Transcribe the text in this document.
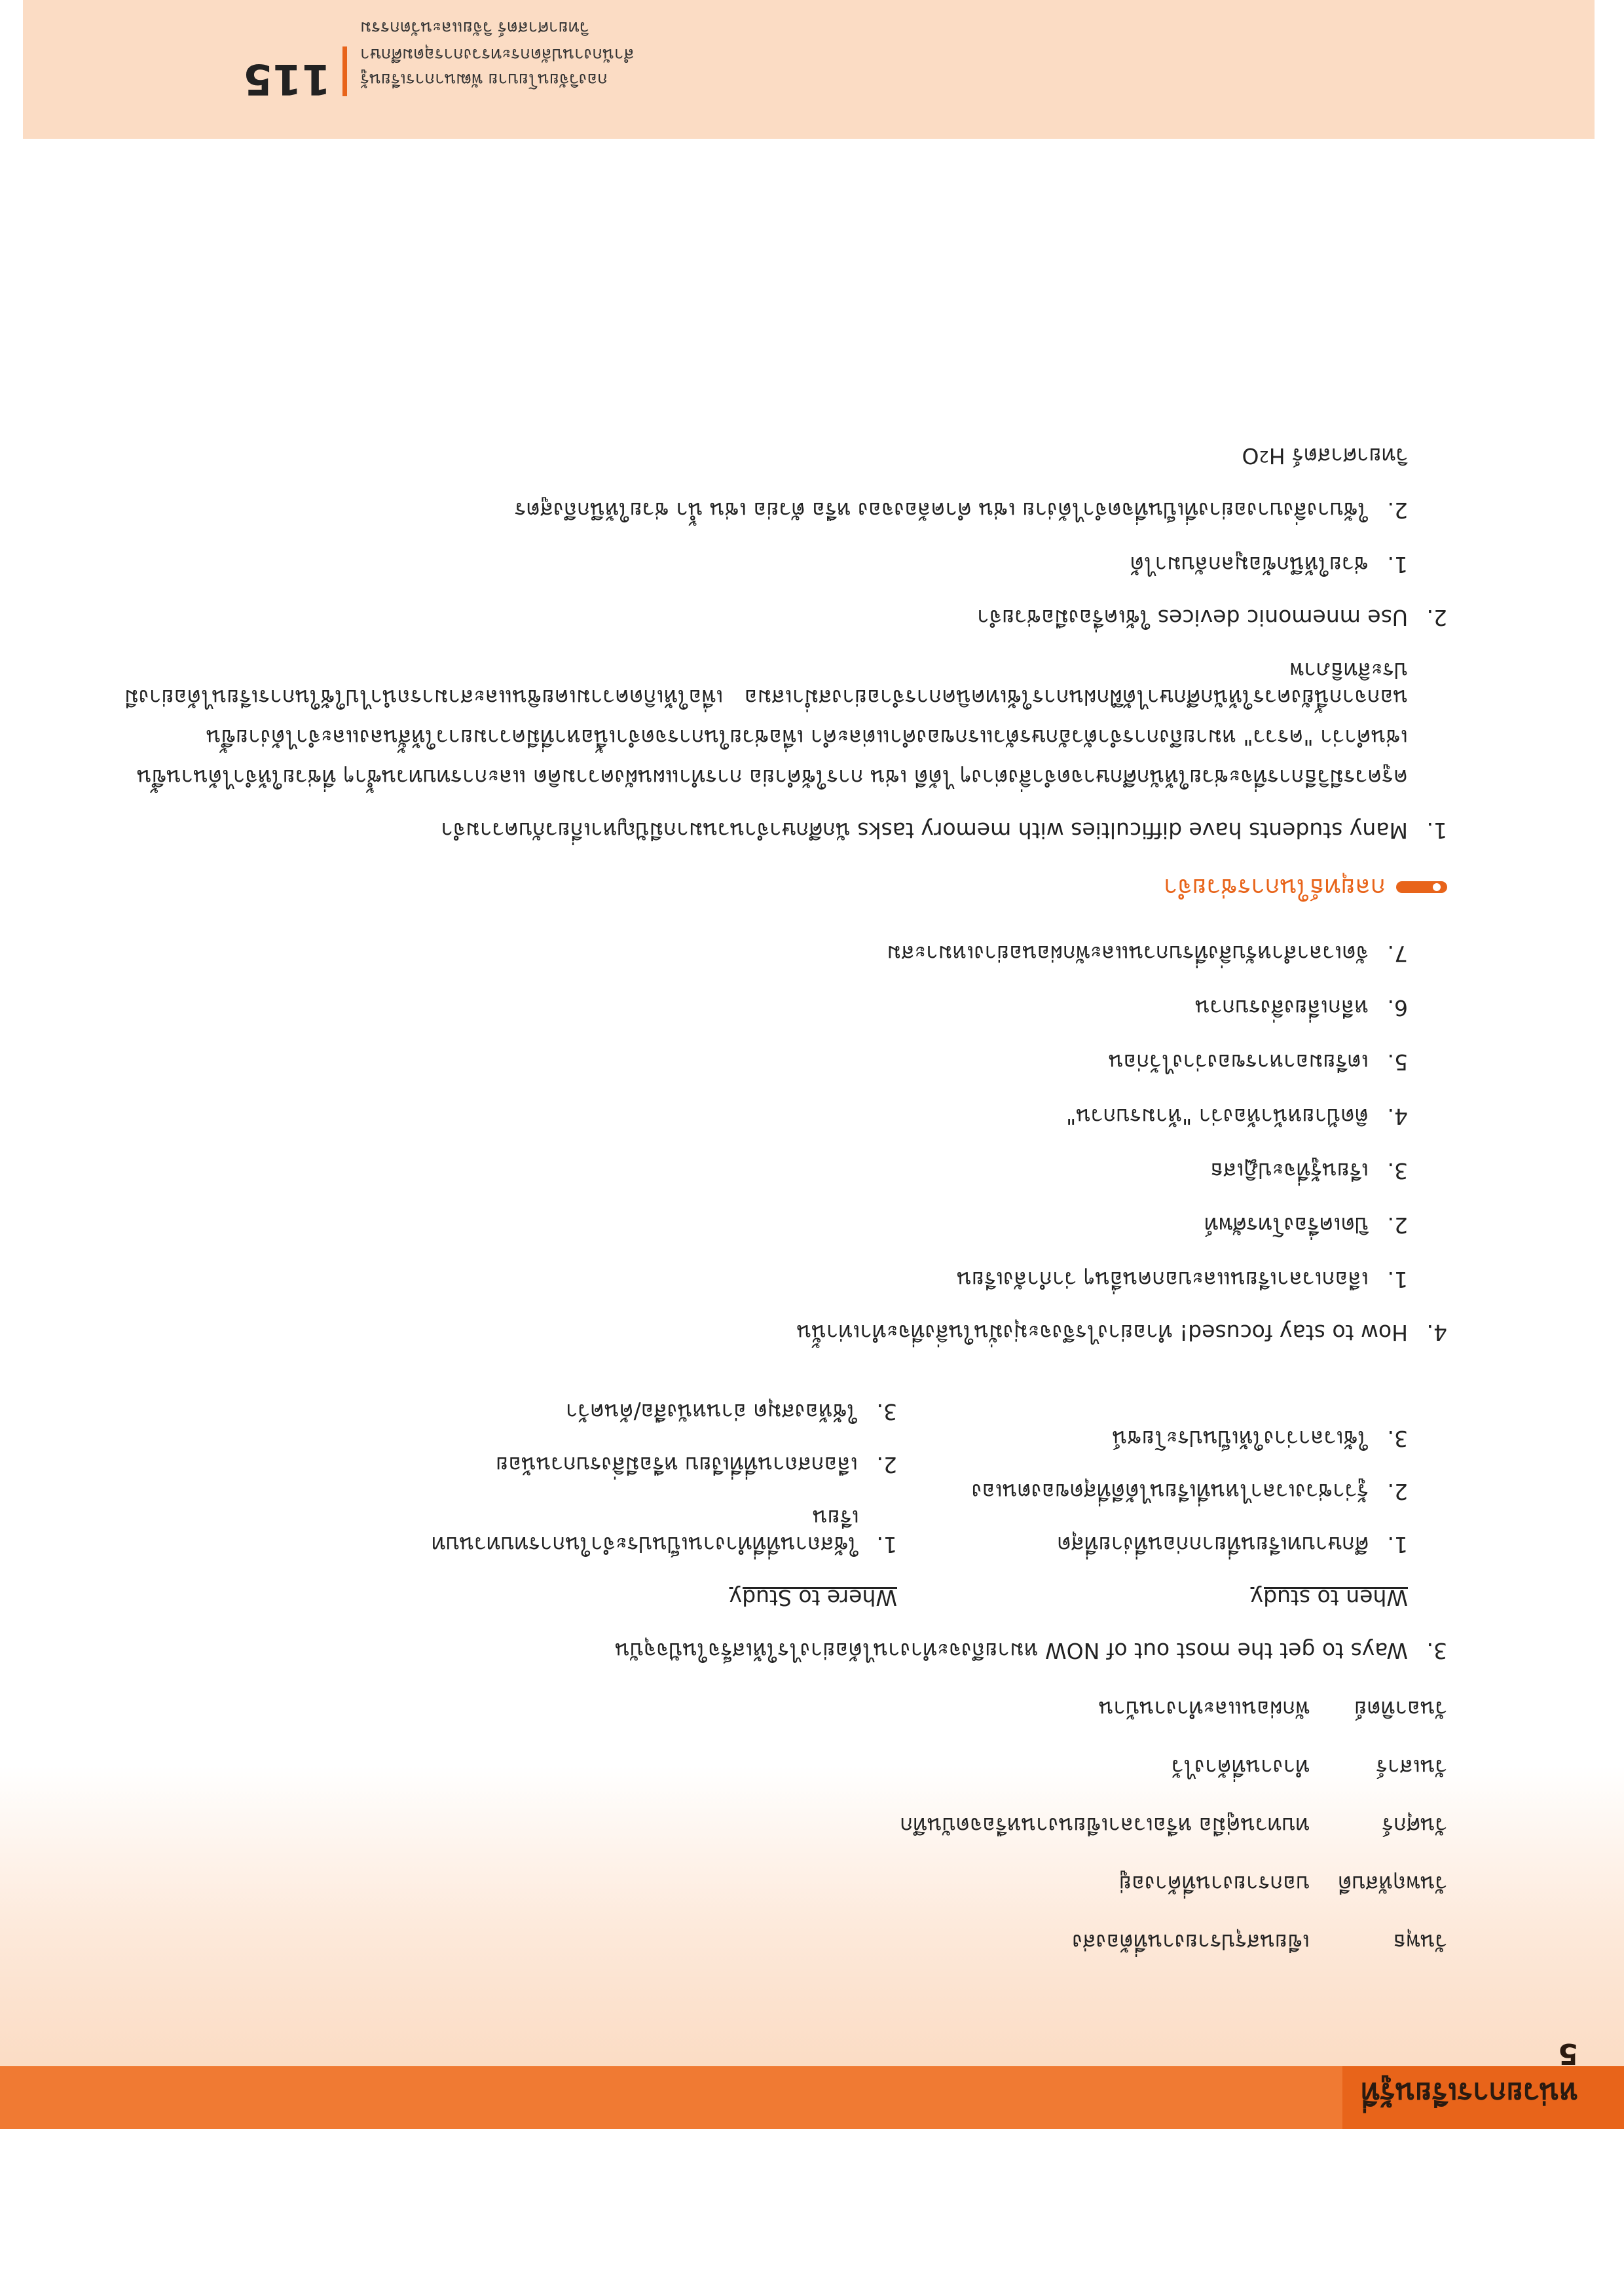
หน่วยการเรียนรู้ที่ 5
วันพุธ
เขียนสรุปรายงานที่ต้องส่ง
วันพฤหัสบดี
บอกรายงานที่ค้างอยู่
วันศุกร์
ทบทวนคู่มือ หรือเวลาเขียนงานหรือจดบันทึก
วันเสาร์
ทำงานที่ค้างไว้
วันอาทิตย์
พักผ่อนและทำงานบ้าน
3.
Ways to get the most out of NOW หมายถึงจะทำงานได้อย่างไรให้เสร็จในปัจจุบัน
When to study
1.
ศึกษาบทเรียนที่ยากก่อนที่ง่ายที่สุด
2.
รู้ว่าช่วงเวลาไหนที่เรียนได้ดีที่สุดของตนเอง
3.
ใช้เวลาว่างให้เป็นประโยชน์
Where to Study
1.
ใช้สถานที่ที่ทำงานเป็นประจำในการทบทวนบทเรียน
2.
เลือกสถานที่ที่เงียบ หรือมีสิ่งรบกวนน้อย
3.
ใช้ห้องสมุด อ่านหนังสือ/ค้นคว้า
4.
How to stay focused! ทำอย่างไรจึงจะมุ่งมั่นในสิ่งที่จะทำเท่านั้น
1.
เลือกเวลาเรียนและบอกคนอื่นๆ ว่ากำลังเรียน
2.
ปิดเครื่องโทรศัพท์
3.
เรียนรู้ที่จะปฏิเสธ
4.
ติดป้ายหน้าห้องว่า "ห้ามรบกวน"
5.
เตรียมอาหารของว่างไว้ก่อน
6.
หลีกเลี่ยงสิ่งรบกวน
7.
จัดเวลาสำหรับสิ่งที่รบกวนและพักผ่อนอย่างเหมาะสม
กลยุทธ์ในการช่วยจำ
1.
Many students have difficulties with memory tasks นักศึกษาจำนวนมากมีปัญหาเกี่ยวกับความจำ

ครูควรมีวิธีการที่จะช่วยให้นักศึกษาจดจำสิ่งต่างๆ ได้ดี เช่น การใช้คำย่อ การทำแผนผังความคิด และการทบทวนซ้ำๆ ที่ช่วยให้จำได้นานขึ้น

เช่นคำว่า "ครวว" หมายถึงการจำตัวอักษรตัวแรกของคำแต่ละคำ เพื่อช่วยในการจดจำเนื้อหาที่มีความยาวให้สั้นลงและจำได้ง่ายขึ้น

นอกจากนี้ยังควรให้นักศึกษาได้ฝึกฝนการใช้เทคนิคการจำอย่างสม่ำเสมอ เพื่อให้เกิดความเคยชินและสามารถนำไปใช้ในการเรียนได้อย่างมีประสิทธิภาพ

2.
Use mnemonic devices ใช้เครื่องมือช่วยจำ
1.
ช่วยให้นึกข้อมูลกลับมาได้
2.
ใช้บางสิ่งบางอย่างที่เป็นที่จดจำได้ง่าย เช่น คำคล้องจอง หรือ ตัวย่อ เช่น น้ำ ช่วยให้นึกถึงสูตร
วิทยาศาสตร์ H
2
O
กองวิจัยนโยบาย พัฒนาการเรียนรู้
สำนักงานปลัดกระทรวงการอุดมศึกษา วิทยาศาสตร์ วิจัยและนวัตกรรม
115
